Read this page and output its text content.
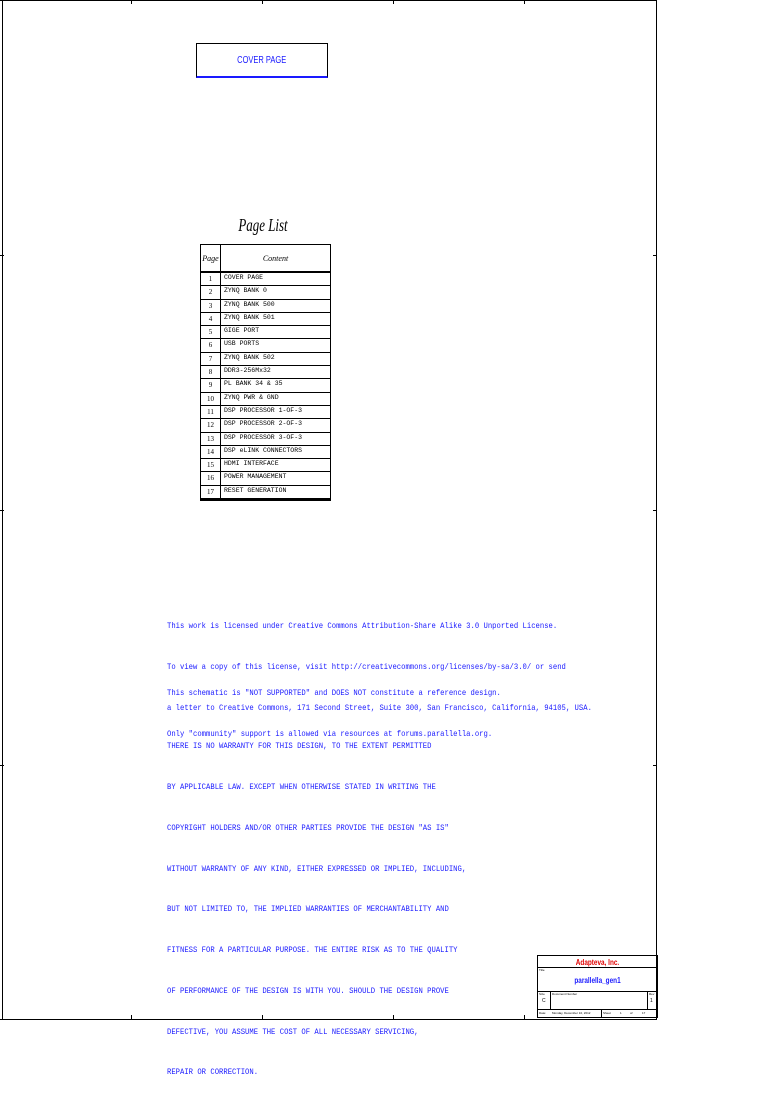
COVER PAGE
Page List
Page	Content
1	COVER PAGE
2	ZYNQ BANK 0
3	ZYNQ BANK 500
4	ZYNQ BANK 501
5	GIGE PORT
6	USB PORTS
7	ZYNQ BANK 502
8	DDR3-256Mx32
9	PL BANK 34 & 35
10	ZYNQ PWR & GND
11	DSP PROCESSOR 1-OF-3
12	DSP PROCESSOR 2-OF-3
13	DSP PROCESSOR 3-OF-3
14	DSP eLINK CONNECTORS
15	HDMI INTERFACE
16	POWER MANAGEMENT
17	RESET GENERATION

This work is licensed under Creative Commons Attribution-Share Alike 3.0 Unported License.

To view a copy of this license, visit http://creativecommons.org/licenses/by-sa/3.0/ or send

a letter to Creative Commons, 171 Second Street, Suite 300, San Francisco, California, 94105, USA.

This schematic is "NOT SUPPORTED" and DOES NOT constitute a reference design.

Only "community" support is allowed via resources at forums.parallella.org.

THERE IS NO WARRANTY FOR THIS DESIGN, TO THE EXTENT PERMITTED

BY APPLICABLE LAW. EXCEPT WHEN OTHERWISE STATED IN WRITING THE

COPYRIGHT HOLDERS AND/OR OTHER PARTIES PROVIDE THE DESIGN "AS IS"

WITHOUT WARRANTY OF ANY KIND, EITHER EXPRESSED OR IMPLIED, INCLUDING,

BUT NOT LIMITED TO, THE IMPLIED WARRANTIES OF MERCHANTABILITY AND

FITNESS FOR A PARTICULAR PURPOSE. THE ENTIRE RISK AS TO THE QUALITY

OF PERFORMANCE OF THE DESIGN IS WITH YOU. SHOULD THE DESIGN PROVE

DEFECTIVE, YOU ASSUME THE COST OF ALL NECESSARY SERVICING,

REPAIR OR CORRECTION.

Adapteva, Inc.
Title
parallella_gen1
Size
C
Document Number	Rev
1
Date: Monday, December 10, 2012	Sheet	1	of	17
